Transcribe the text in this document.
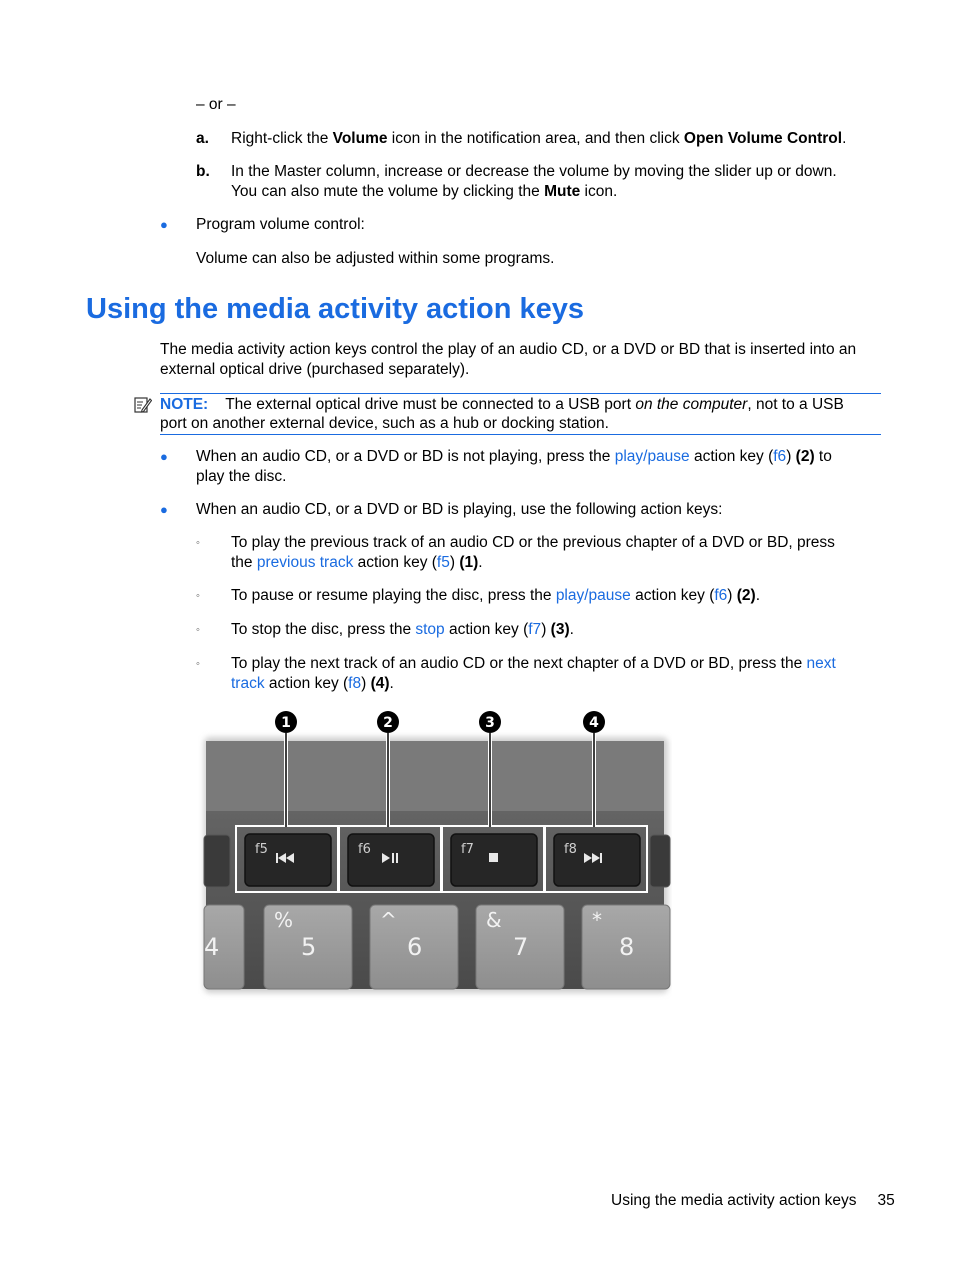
– or –
a. Right-click the Volume icon in the notification area, and then click Open Volume Control.
b. In the Master column, increase or decrease the volume by moving the slider up or down.
You can also mute the volume by clicking the Mute icon.
● Program volume control:
Volume can also be adjusted within some programs.
Using the media activity action keys
The media activity action keys control the play of an audio CD, or a DVD or BD that is inserted into an
external optical drive (purchased separately).
NOTE: The external optical drive must be connected to a USB port on the computer, not to a USB
port on another external device, such as a hub or docking station.
● When an audio CD, or a DVD or BD is not playing, press the play/pause action key (f6) (2) to
play the disc.
● When an audio CD, or a DVD or BD is playing, use the following action keys:
◦ To play the previous track of an audio CD or the previous chapter of a DVD or BD, press
the previous track action key (f5) (1).
◦ To pause or resume playing the disc, press the play/pause action key (f6) (2).
◦ To stop the disc, press the stop action key (f7) (3).
◦ To play the next track of an audio CD or the next chapter of a DVD or BD, press the next
track action key (f8) (4).
f5	f6	f7	f8
4
%
5
^
6
&
7
*
8
1	2	3	4
Using the media activity action keys 35
